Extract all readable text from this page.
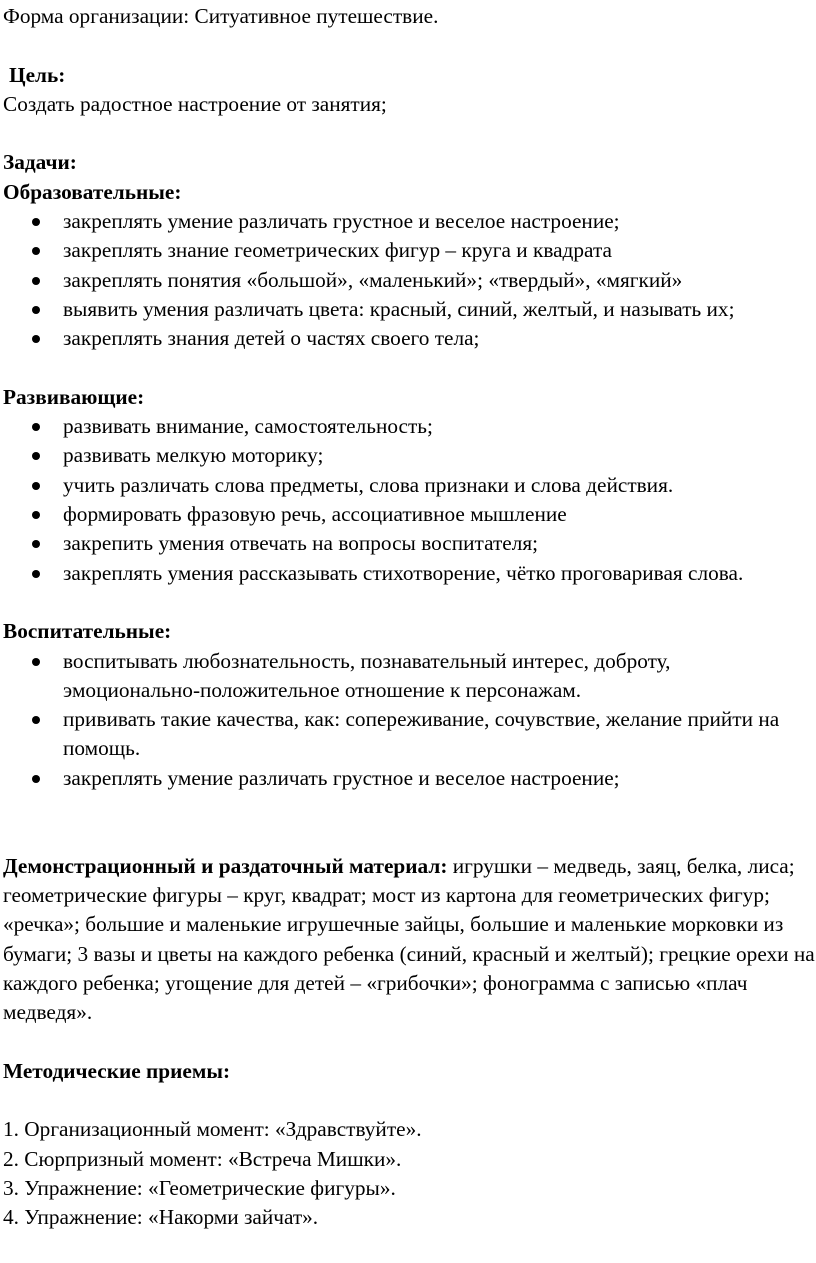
Форма организации: Ситуативное путешествие.

Цель:

Создать радостное настроение от занятия;

Задачи:

Образовательные:

закреплять умение различать грустное и веселое настроение;
закреплять знание геометрических фигур – круга и квадрата
закреплять понятия «большой», «маленький»; «твердый», «мягкий»
выявить умения различать цвета: красный, синий, желтый, и называть их;
закреплять знания детей о частях своего тела;

Развивающие:

развивать внимание, самостоятельность;
развивать мелкую моторику;
учить различать слова предметы, слова признаки и слова действия.
формировать фразовую речь, ассоциативное мышление
закрепить умения отвечать на вопросы воспитателя;
закреплять умения рассказывать стихотворение, чётко проговаривая слова.

Воспитательные:

воспитывать любознательность, познавательный интерес, доброту, эмоционально-положительное отношение к персонажам.
прививать такие качества, как: сопереживание, сочувствие, желание прийти на помощь.
закреплять умение различать грустное и веселое настроение;

Демонстрационный и раздаточный материал: игрушки – медведь, заяц, белка, лиса; геометрические фигуры – круг, квадрат; мост из картона для геометрических фигур; «речка»; большие и маленькие игрушечные зайцы, большие и маленькие морковки из бумаги; 3 вазы и цветы на каждого ребенка (синий, красный и желтый); грецкие орехи на каждого ребенка; угощение для детей – «грибочки»; фонограмма с записью «плач медведя».

Методические приемы:

1. Организационный момент: «Здравствуйте».

2. Сюрпризный момент: «Встреча Мишки».

3. Упражнение: «Геометрические фигуры».

4. Упражнение: «Накорми зайчат».
